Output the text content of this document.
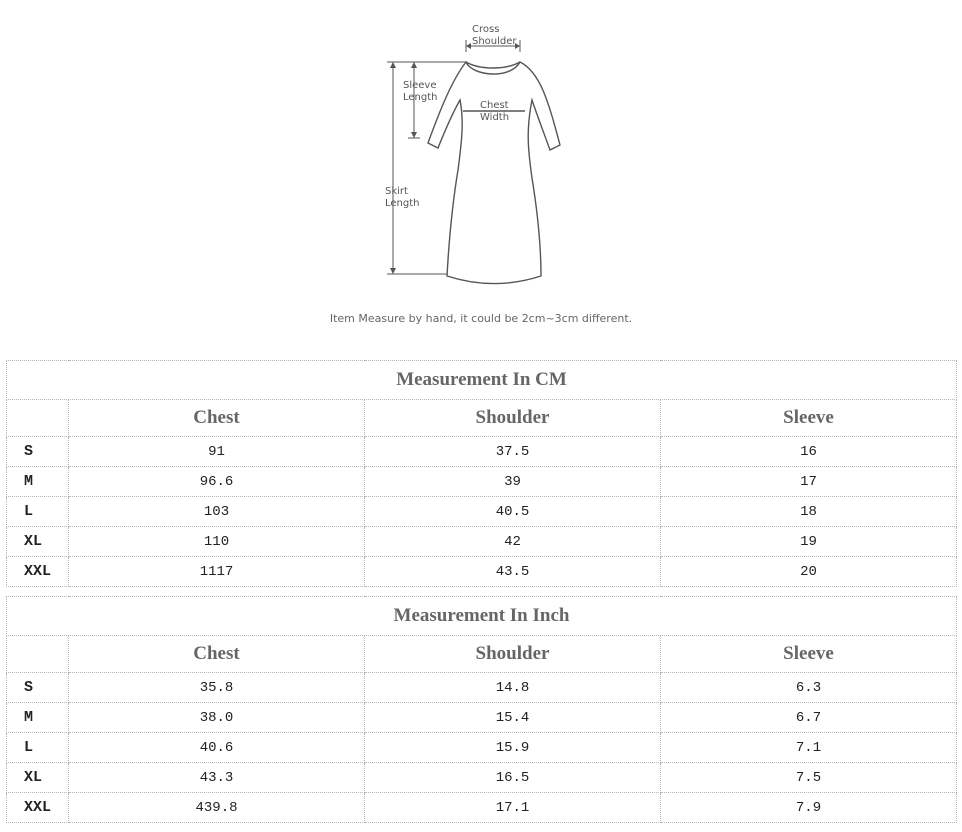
Cross
Shoulder
Sleeve
Length
Chest
Width
Skirt
Length
Item Measure by hand, it could be 2cm~3cm different.
Measurement In CM			
	Chest	Shoulder	Sleeve
S	91	37.5	16
M	96.6	39	17
L	103	40.5	18
XL	110	42	19
XXL	1117	43.5	20
Measurement In Inch			
	Chest	Shoulder	Sleeve
S	35.8	14.8	6.3
M	38.0	15.4	6.7
L	40.6	15.9	7.1
XL	43.3	16.5	7.5
XXL	439.8	17.1	7.9
